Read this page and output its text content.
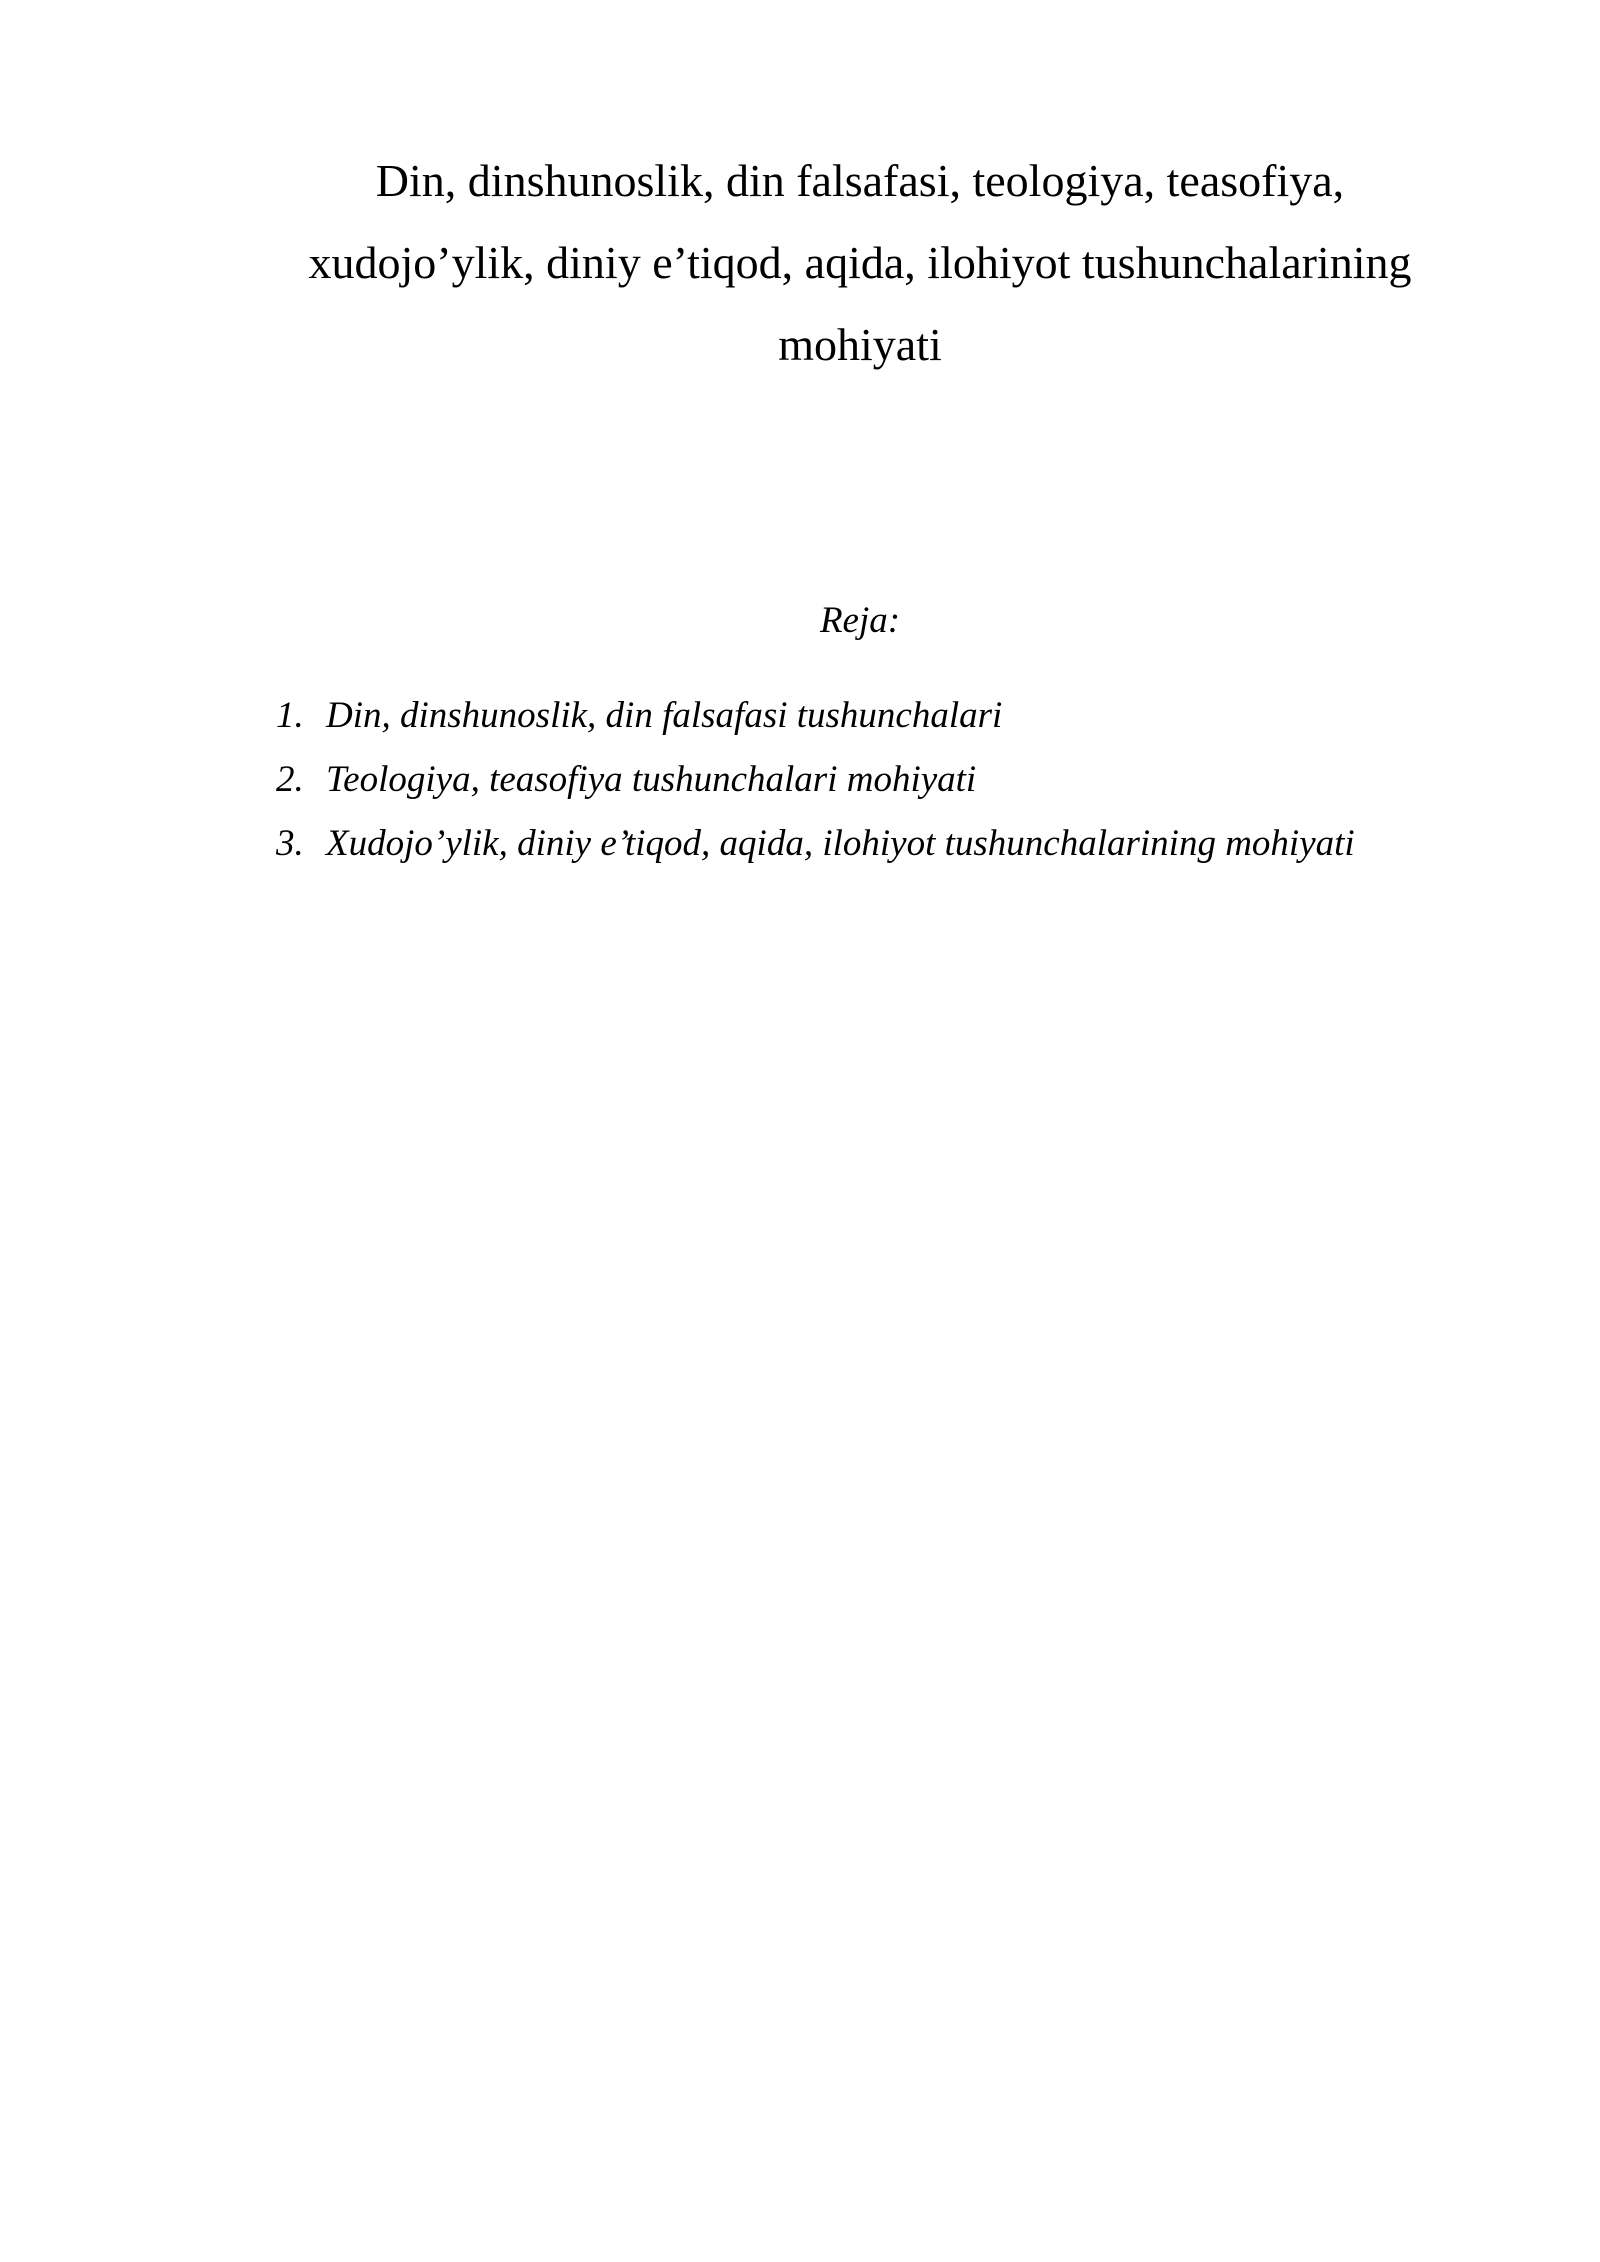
Din, dinshunoslik, din falsafasi, teologiya, teasofiya,
xudojo’ylik, diniy e’tiqod, aqida, ilohiyot tushunchalarining
mohiyati
Reja:
1. Din, dinshunoslik, din falsafasi tushunchalari
2. Teologiya, teasofiya tushunchalari mohiyati
3. Xudojo’ylik, diniy e’tiqod, aqida, ilohiyot tushunchalarining mohiyati
